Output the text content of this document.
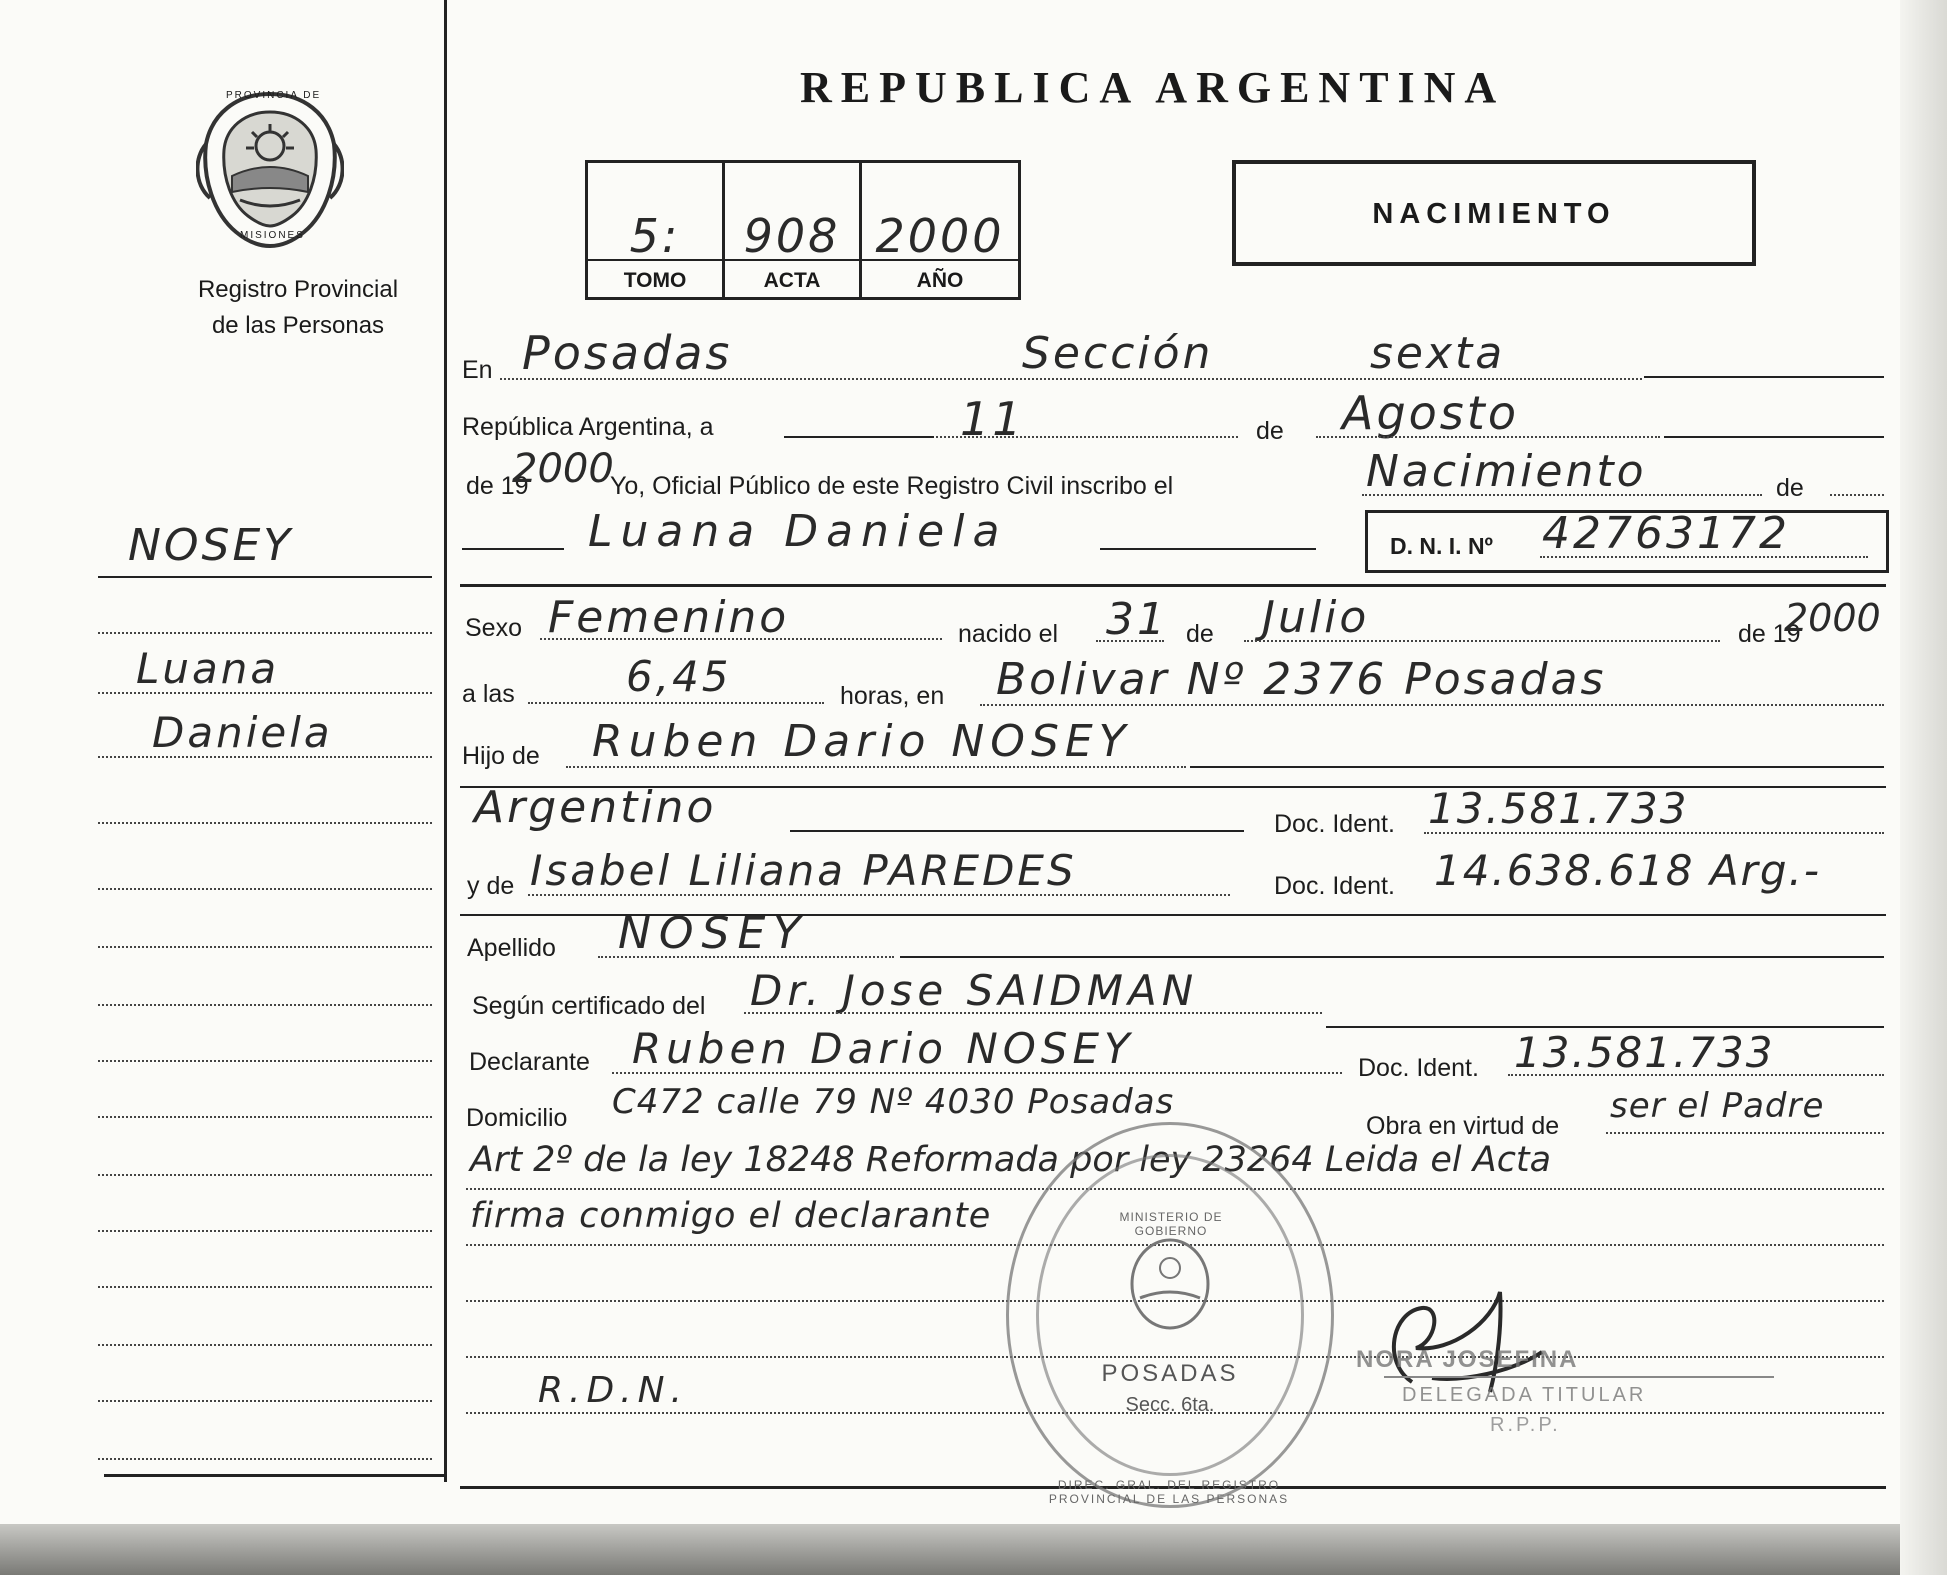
PROVINCIA DE
MISIONES
Registro Provincial
de las Personas
NOSEY
Luana
Daniela
REPUBLICA ARGENTINA
5:
TOMO
908
ACTA
2000
AÑO
NACIMIENTO
En Posadas	Sección	sexta
República Argentina, a	11	de Agosto
de 19
2000
Yo, Oficial Público de este Registro Civil inscribo el	Nacimiento	de
Luana Daniela	D. N. I. Nº 42763172
Sexo Femenino	nacido el 31 de Julio	de 19
2000
a las	6,45	horas, en Bolivar Nº 2376 Posadas
Hijo de Ruben Dario NOSEY
Argentino	Doc. Ident. 13.581.733
y de Isabel Liliana PAREDES	Doc. Ident. 14.638.618 Arg.-
Apellido NOSEY
Según certificado del Dr. Jose SAIDMAN
Declarante Ruben Dario NOSEY	Doc. Ident. 13.581.733
Domicilio C472 calle 79 Nº 4030 Posadas
Obra en virtud de ser el Padre
Art 2º de la ley 18248 Reformada por ley 23264 Leida el Acta
firma conmigo el declarante
R.D.N.
DIREC. GRAL. DEL REGISTRO PROVINCIAL DE LAS PERSONAS
MINISTERIO DE GOBIERNO
POSADAS
Secc. 6ta.
NORA JOSEFINA
DELEGADA TITULAR
R.P.P.
